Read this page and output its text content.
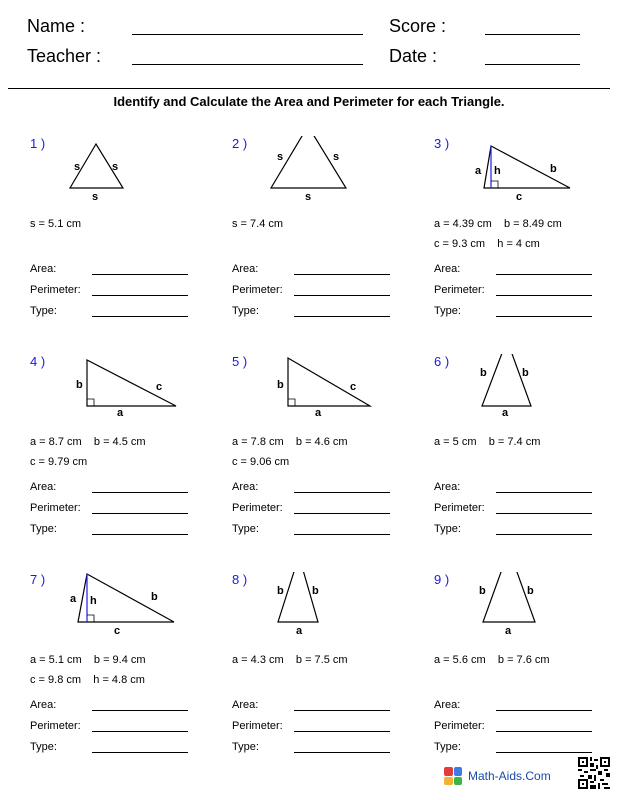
Name :
Teacher :
Score :
Date :
Identify and Calculate the Area and Perimeter for each Triangle.
1 )
s	s
s
s = 5.1 cm
Area:
Perimeter:
Type:
2 )
s	s
s
s = 7.4 cm
Area:
Perimeter:
Type:
3 )
a h	b
c
a = 4.39 cm    b = 8.49 cm
c = 9.3 cm    h = 4 cm
Area:
Perimeter:
Type:
4 )
b	c
a
a = 8.7 cm    b = 4.5 cm
c = 9.79 cm
Area:
Perimeter:
Type:
5 )
b	c
a
a = 7.8 cm    b = 4.6 cm
c = 9.06 cm
Area:
Perimeter:
Type:
6 )
b	b
a
a = 5 cm    b = 7.4 cm
Area:
Perimeter:
Type:
7 )
a h	b
c
a = 5.1 cm    b = 9.4 cm
c = 9.8 cm    h = 4.8 cm
Area:
Perimeter:
Type:
8 )
b	b
a
a = 4.3 cm    b = 7.5 cm
Area:
Perimeter:
Type:
9 )
b	b
a
a = 5.6 cm    b = 7.6 cm
Area:
Perimeter:
Type:
Math-Aids.Com
